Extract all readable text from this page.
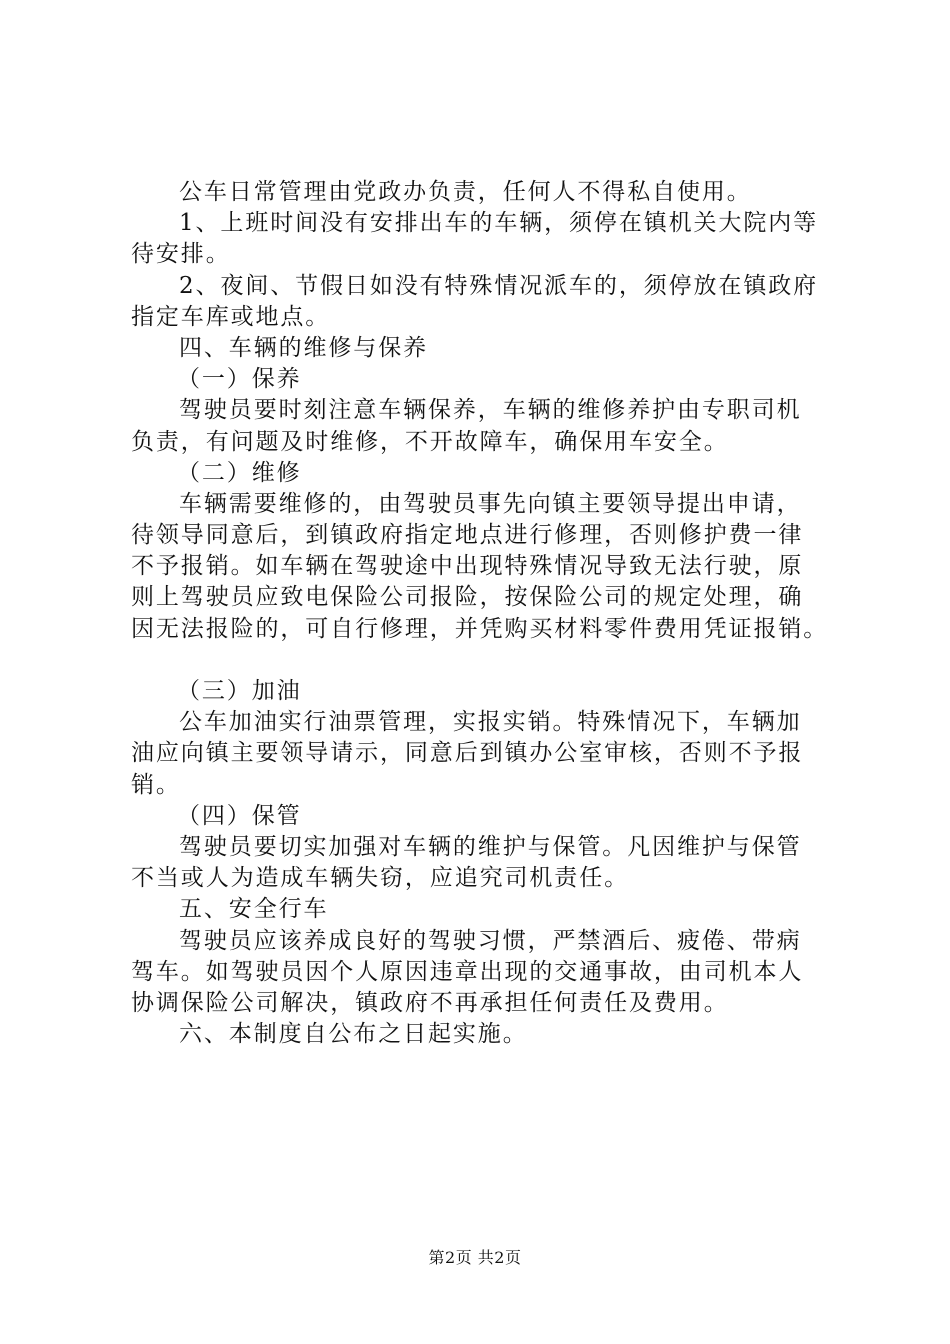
公车日常管理由党政办负责，任何人不得私自使用。
1、上班时间没有安排出车的车辆，须停在镇机关大院内等
待安排。
2、夜间、节假日如没有特殊情况派车的，须停放在镇政府
指定车库或地点。
四、车辆的维修与保养
（一）保养
驾驶员要时刻注意车辆保养，车辆的维修养护由专职司机
负责，有问题及时维修，不开故障车，确保用车安全。
（二）维修
车辆需要维修的，由驾驶员事先向镇主要领导提出申请，
待领导同意后，到镇政府指定地点进行修理，否则修护费一律
不予报销。如车辆在驾驶途中出现特殊情况导致无法行驶，原
则上驾驶员应致电保险公司报险，按保险公司的规定处理，确
因无法报险的，可自行修理，并凭购买材料零件费用凭证报销。
（三）加油
公车加油实行油票管理，实报实销。特殊情况下，车辆加
油应向镇主要领导请示，同意后到镇办公室审核，否则不予报
销。
（四）保管
驾驶员要切实加强对车辆的维护与保管。凡因维护与保管
不当或人为造成车辆失窃，应追究司机责任。
五、安全行车
驾驶员应该养成良好的驾驶习惯，严禁酒后、疲倦、带病
驾车。如驾驶员因个人原因违章出现的交通事故，由司机本人
协调保险公司解决，镇政府不再承担任何责任及费用。
六、本制度自公布之日起实施。
第2页 共2页
